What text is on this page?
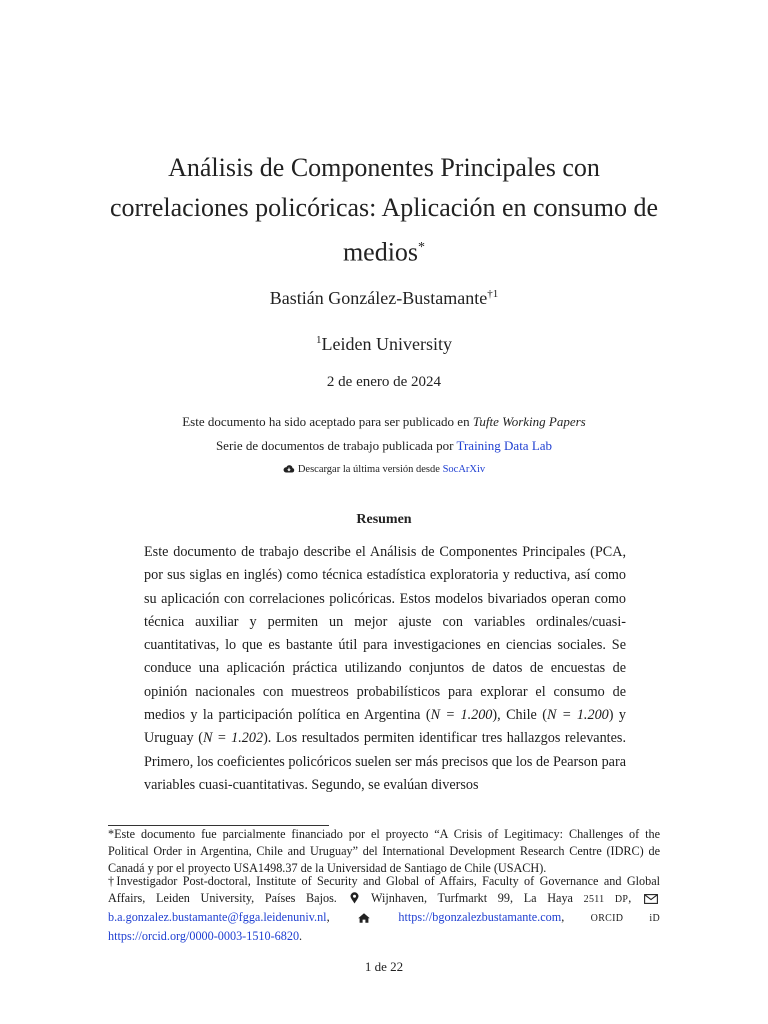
Análisis de Componentes Principales con
correlaciones policóricas: Aplicación en consumo de
medios*
Bastián González-Bustamante$^{\dagger 1}$
$^1$Leiden University
2 de enero de 2024
Este documento ha sido aceptado para ser publicado en Tufte Working Papers
Serie de documentos de trabajo publicada por Training Data Lab
Descargar la última versión desde SocArXiv
Resumen
Este documento de trabajo describe el Análisis de Componentes Principales (PCA, por sus siglas en inglés) como técnica estadística exploratoria y reductiva, así como su aplicación con correlaciones policóricas. Estos modelos bivariados operan como técnica auxiliar y permiten un mejor ajuste con variables ordinales/cuasi-cuantitativas, lo que es bastante útil para investigaciones en ciencias sociales. Se conduce una aplicación práctica utilizando conjuntos de datos de encuestas de opinión nacionales con muestreos probabilísticos para explorar el consumo de medios y la participación política en Argentina (N = 1.200), Chile (N = 1.200) y Uruguay (N = 1.202). Los resultados permiten identificar tres hallazgos relevantes. Primero, los coeficientes policóricos suelen ser más precisos que los de Pearson para variables cuasi-cuantitativas. Segundo, se evalúan diversos
*Este documento fue parcialmente financiado por el proyecto “A Crisis of Legitimacy: Challenges of the Political Order in Argentina, Chile and Uruguay” del International Development Research Centre (IDRC) de Canadá y por el proyecto USA1498.37 de la Universidad de Santiago de Chile (USACH).
†Investigador Post-doctoral, Institute of Security and Global of Affairs, Faculty of Governance and Global Affairs, Leiden University, Países Bajos.  Wijnhaven, Turfmarkt 99, La Haya 2511 DP,  b.a.gonzalez.bustamante@fgga.leidenuniv.nl,	https://bgonzalezbustamante.com,	ORCID iD https://orcid.org/0000-0003-1510-6820.
1 de 22
